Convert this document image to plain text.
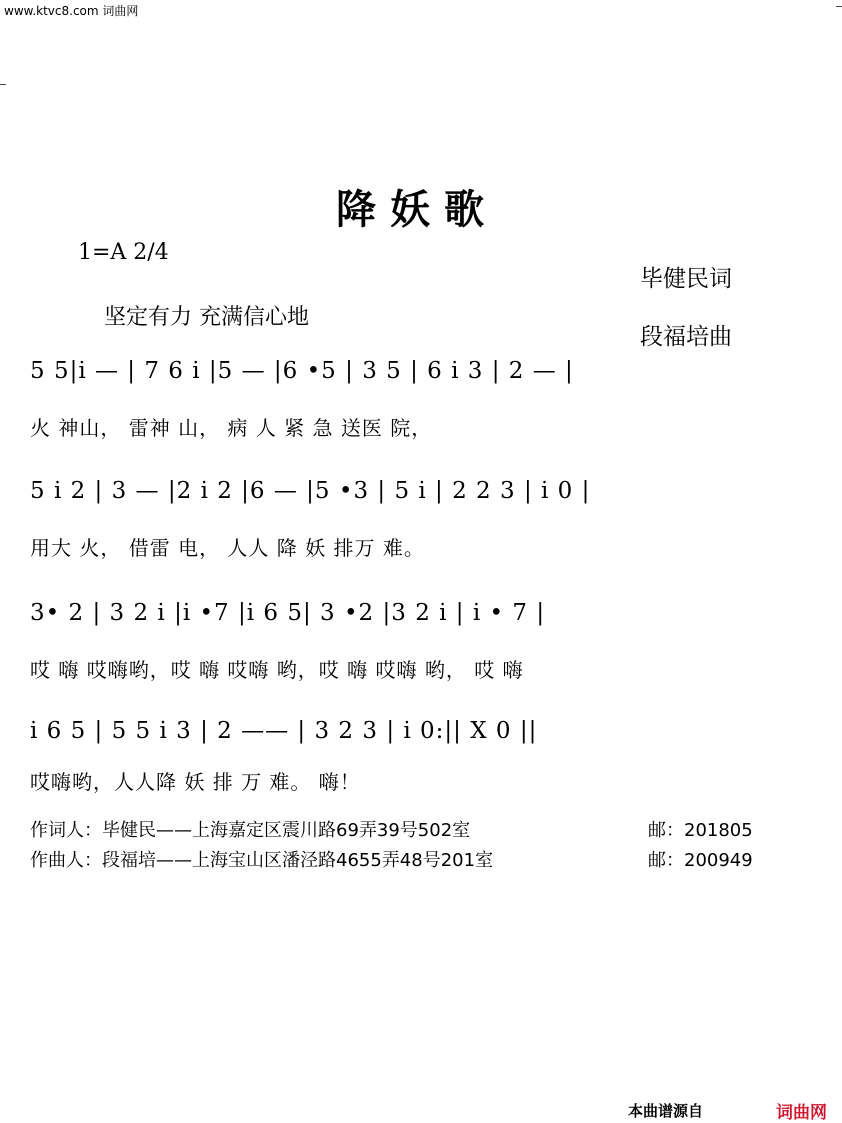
www.ktvc8.com 词曲网
降妖歌
1=A 2/4
坚定有力 充满信心地
毕健民词
段福培曲
5 5|i — | 7 6 i |5 — |6 •5 | 3 5 | 6 i 3 | 2 — |
火 神山， 雷神 山， 病 人 紧 急 送医 院，
5 i 2 | 3 — |2 i 2 |6 — |5 •3 | 5 i | 2 2 3 | i 0 |
用大 火， 借雷 电， 人人 降 妖 排万 难。
3• 2 | 3 2 i |i •7 |i 6 5| 3 •2 |3 2 i | i • 7 |
哎 嗨 哎嗨哟，哎 嗨 哎嗨 哟，哎 嗨 哎嗨 哟， 哎 嗨
i 6 5 | 5 5 i 3 | 2 —— | 3 2 3 | i 0:|| X 0 ||
哎嗨哟，人人降 妖 排 万 难。 嗨！
作词人：毕健民——上海嘉定区震川路69弄39号502室	邮：201805
作曲人：段福培——上海宝山区潘泾路4655弄48号201室	邮：200949
本曲谱源自	词曲网
